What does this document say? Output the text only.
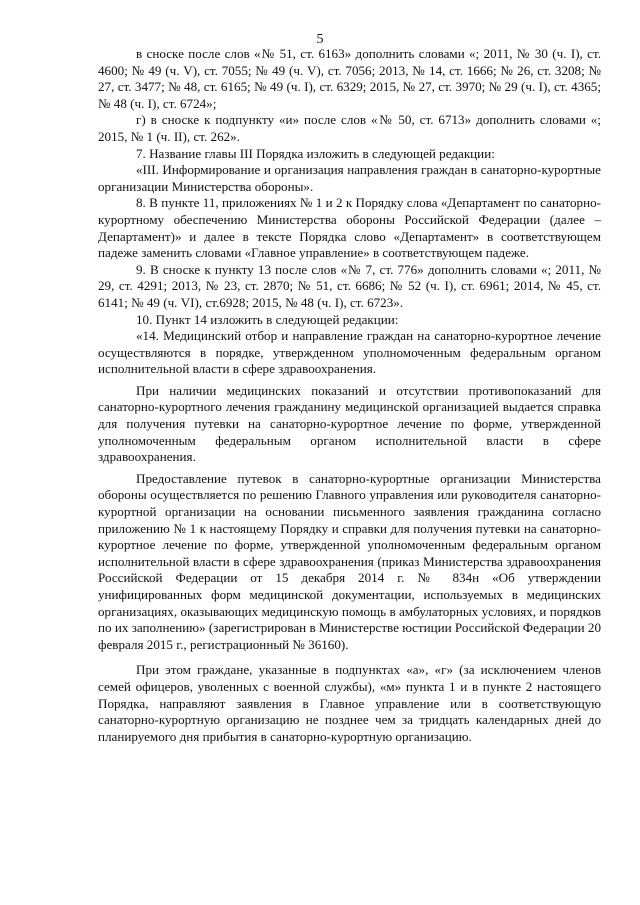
5

в сноске после слов «№ 51, ст. 6163» дополнить словами «; 2011, № 30 (ч. I), ст. 4600; № 49 (ч. V), ст. 7055; № 49 (ч. V), ст. 7056; 2013, № 14, ст. 1666; № 26, ст. 3208; № 27, ст. 3477; № 48, ст. 6165; № 49 (ч. I), ст. 6329; 2015, № 27, ст. 3970; № 29 (ч. I), ст. 4365; № 48 (ч. I), ст. 6724»;

г) в сноске к подпункту «и» после слов «№ 50, ст. 6713» дополнить словами «; 2015, № 1 (ч. II), ст. 262».

7. Название главы III Порядка изложить в следующей редакции:

«III. Информирование и организация направления граждан в санаторно-курортные организации Министерства обороны».

8. В пункте 11, приложениях № 1 и 2 к Порядку слова «Департамент по санаторно-курортному обеспечению Министерства обороны Российской Федерации (далее – Департамент)» и далее в тексте Порядка слово «Департамент» в соответствующем падеже заменить словами «Главное управление» в соответствующем падеже.

9. В сноске к пункту 13 после слов «№ 7, ст. 776» дополнить словами «; 2011, № 29, ст. 4291; 2013, № 23, ст. 2870; № 51, ст. 6686; № 52 (ч. I), ст. 6961; 2014, № 45, ст. 6141; № 49 (ч. VI), ст.6928; 2015, № 48 (ч. I), ст. 6723».

10. Пункт 14 изложить в следующей редакции:

«14. Медицинский отбор и направление граждан на санаторно-курортное лечение осуществляются в порядке, утвержденном уполномоченным федеральным органом исполнительной власти в сфере здравоохранения.

При наличии медицинских показаний и отсутствии противопоказаний для санаторно-курортного лечения гражданину медицинской организацией выдается справка для получения путевки на санаторно-курортное лечение по форме, утвержденной уполномоченным федеральным органом исполнительной власти в сфере здравоохранения.

Предоставление путевок в санаторно-курортные организации Министерства обороны осуществляется по решению Главного управления или руководителя санаторно-курортной организации на основании письменного заявления гражданина согласно приложению № 1 к настоящему Порядку и справки для получения путевки на санаторно-курортное лечение по форме, утвержденной уполномоченным федеральным органом исполнительной власти в сфере здравоохранения (приказ Министерства здравоохранения Российской Федерации от 15 декабря 2014 г. № 834н «Об утверждении унифицированных форм медицинской документации, используемых в медицинских организациях, оказывающих медицинскую помощь в амбулаторных условиях, и порядков по их заполнению» (зарегистрирован в Министерстве юстиции Российской Федерации 20 февраля 2015 г., регистрационный № 36160).

При этом граждане, указанные в подпунктах «а», «г» (за исключением членов семей офицеров, уволенных с военной службы), «м» пункта 1 и в пункте 2 настоящего Порядка, направляют заявления в Главное управление или в соответствующую санаторно-курортную организацию не позднее чем за тридцать календарных дней до планируемого дня прибытия в санаторно-курортную организацию.
